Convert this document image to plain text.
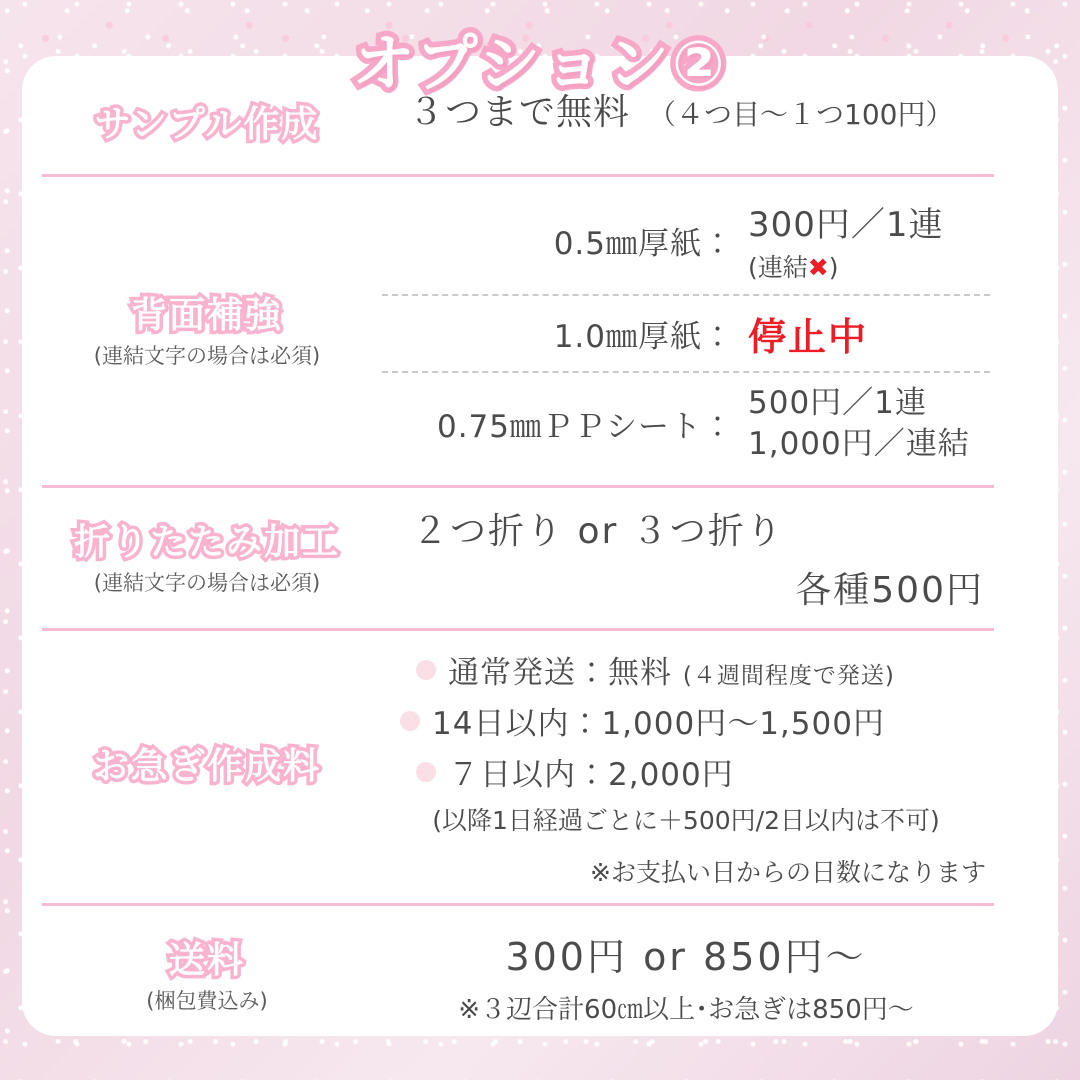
オプション②
サンプル作成 ３つまで無料 （４つ目〜１つ100円）
背面補強
(連結文字の場合は必須)
0.5㎜厚紙： 300円／1連
(連結✖)
1.0㎜厚紙： 停止中
0.75㎜ＰＰシート：
500円／1連
1,000円／連結
折りたたみ加工
(連結文字の場合は必須)
２つ折り or ３つ折り
各種500円
お急ぎ作成料
通常発送：無料 (４週間程度で発送)
14日以内：1,000円〜1,500円
７日以内：2,000円
(以降1日経過ごとに＋500円/2日以内は不可)
※お支払い日からの日数になります
送料
(梱包費込み)
300円 or 850円〜
※３辺合計60㎝以上･お急ぎは850円〜
